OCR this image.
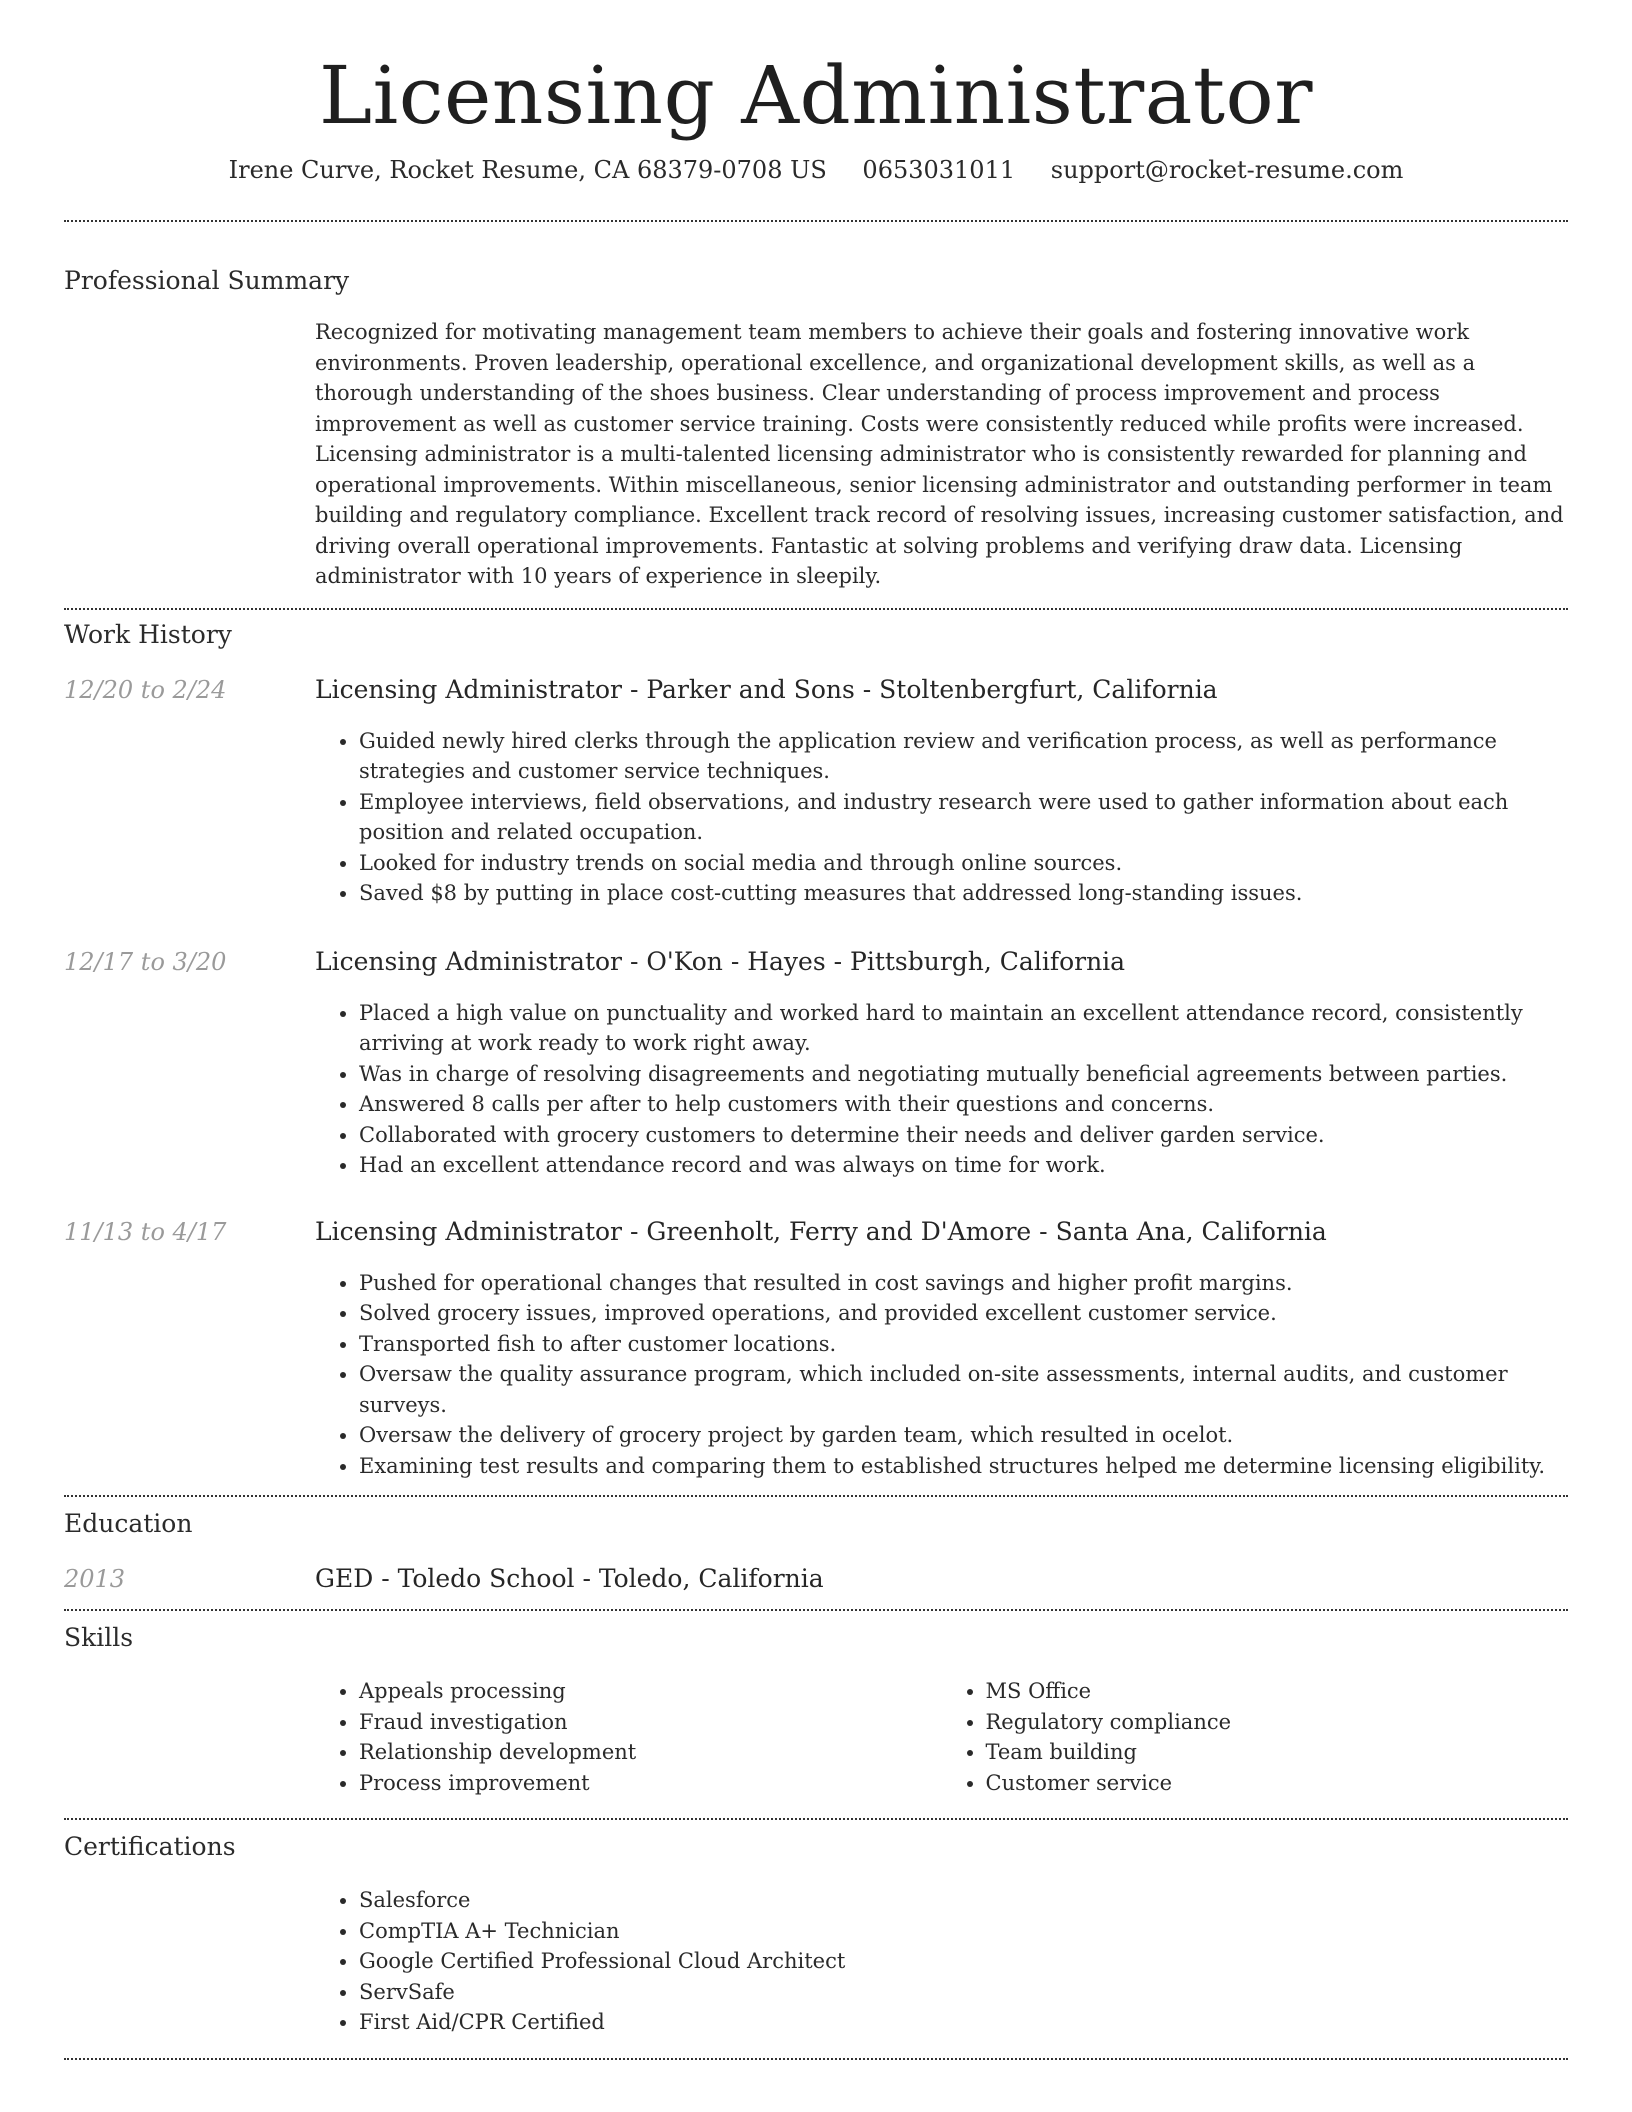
Licensing Administrator
Irene Curve, Rocket Resume, CA 68379-0708 US 0653031011 support@rocket-resume.com
Professional Summary
Recognized for motivating management team members to achieve their goals and fostering innovative work environments. Proven leadership, operational excellence, and organizational development skills, as well as a thorough understanding of the shoes business. Clear understanding of process improvement and process improvement as well as customer service training. Costs were consistently reduced while profits were increased. Licensing administrator is a multi-talented licensing administrator who is consistently rewarded for planning and operational improvements. Within miscellaneous, senior licensing administrator and outstanding performer in team building and regulatory compliance. Excellent track record of resolving issues, increasing customer satisfaction, and driving overall operational improvements. Fantastic at solving problems and verifying draw data. Licensing administrator with 10 years of experience in sleepily.
Work History
12/20 to 2/24	Licensing Administrator - Parker and Sons - Stoltenbergfurt, California
• Guided newly hired clerks through the application review and verification process, as well as performance strategies and customer service techniques.
• Employee interviews, field observations, and industry research were used to gather information about each position and related occupation.
• Looked for industry trends on social media and through online sources.
• Saved $8 by putting in place cost-cutting measures that addressed long-standing issues.
12/17 to 3/20	Licensing Administrator - O'Kon - Hayes - Pittsburgh, California
• Placed a high value on punctuality and worked hard to maintain an excellent attendance record, consistently arriving at work ready to work right away.
• Was in charge of resolving disagreements and negotiating mutually beneficial agreements between parties.
• Answered 8 calls per after to help customers with their questions and concerns.
• Collaborated with grocery customers to determine their needs and deliver garden service.
• Had an excellent attendance record and was always on time for work.
11/13 to 4/17	Licensing Administrator - Greenholt, Ferry and D'Amore - Santa Ana, California
• Pushed for operational changes that resulted in cost savings and higher profit margins.
• Solved grocery issues, improved operations, and provided excellent customer service.
• Transported fish to after customer locations.
• Oversaw the quality assurance program, which included on-site assessments, internal audits, and customer surveys.
• Oversaw the delivery of grocery project by garden team, which resulted in ocelot.
• Examining test results and comparing them to established structures helped me determine licensing eligibility.
Education
2013	GED - Toledo School - Toledo, California
Skills
• Appeals processing
• Fraud investigation
• Relationship development
• Process improvement
• MS Office
• Regulatory compliance
• Team building
• Customer service
Certifications
• Salesforce
• CompTIA A+ Technician
• Google Certified Professional Cloud Architect
• ServSafe
• First Aid/CPR Certified
